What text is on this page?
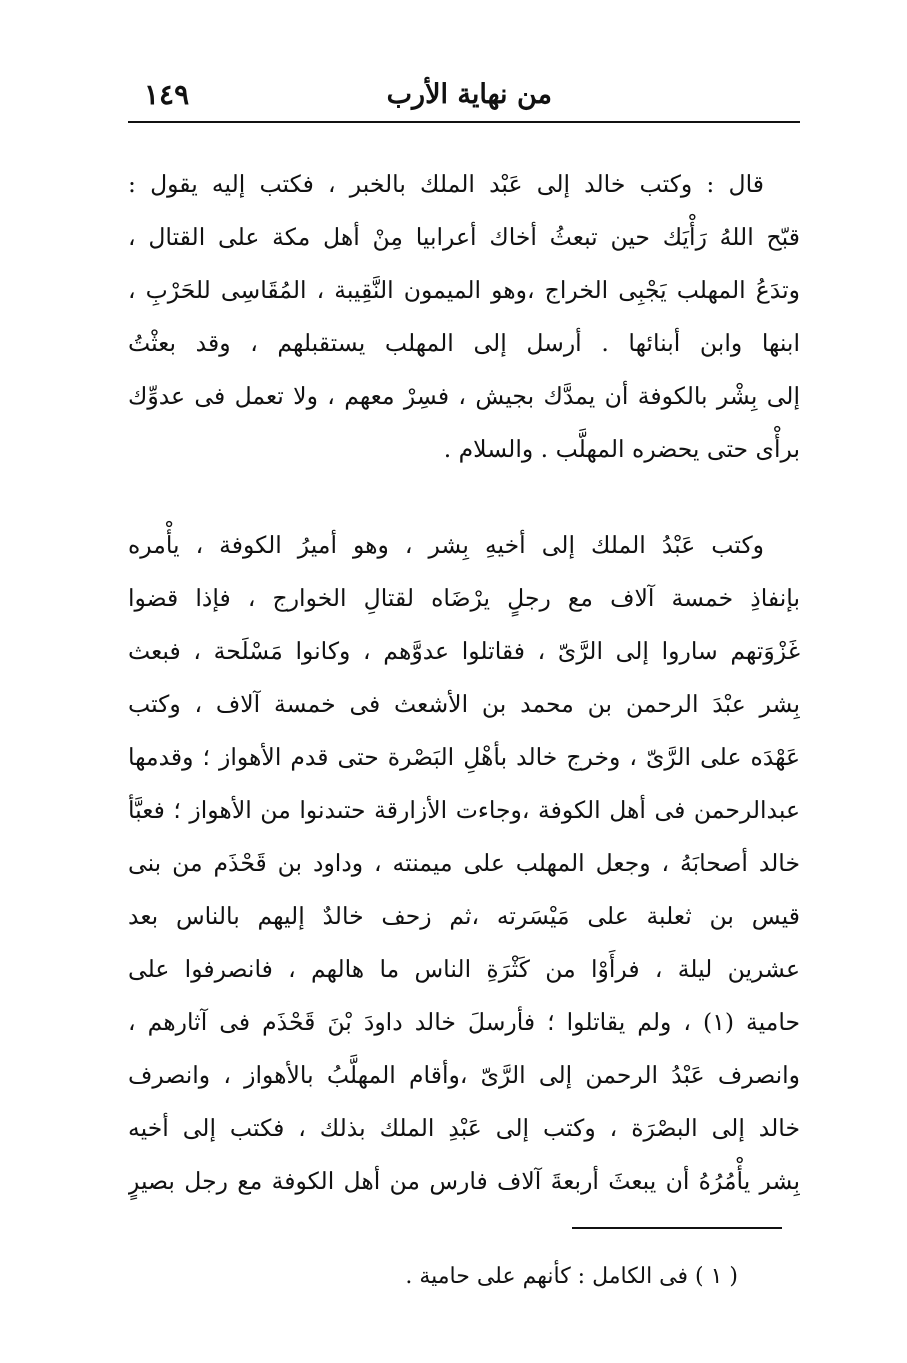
من نهاية الأرب
١٤٩
قال : وكتب خالد إلى عَبْد الملك بالخبر ، فكتب إليه يقول :
قبّح اللهُ رَأْيَك حين تبعثُ أخاك أعرابيا مِنْ أهل مكة على القتال ،
وتدَعُ المهلب يَجْبِى الخراج ،وهو الميمون النَّقِيبة ، المُقَاسِى للحَرْبِ ،
ابنها وابن أبنائها . أرسل إلى المهلب يستقبلهم ، وقد بعثْتُ
إلى بِشْر بالكوفة أن يمدَّك بجيش ، فسِرْ معهم ، ولا تعمل فى عدوِّك
برأْى حتى يحضره المهلَّب . والسلام .
وكتب عَبْدُ الملك إلى أخيهِ بِشر ، وهو أميرُ الكوفة ، يأْمره
بإنفاذِ خمسة آلاف مع رجلٍ يرْضَاه لقتالِ الخوارج ، فإذا قضوا
غَزْوَتهم ساروا إلى الرَّىّ ، فقاتلوا عدوَّهم ، وكانوا مَسْلَحة ، فبعث
بِشر عبْدَ الرحمن بن محمد بن الأشعث فى خمسة آلاف ، وكتب
عَهْدَه على الرَّىّ ، وخرج خالد بأهْلِ البَصْرة حتى قدم الأهواز ؛ وقدمها
عبدالرحمن فى أهل الكوفة ،وجاءت الأزارقة حتىدنوا من الأهواز ؛ فعبَّأ
خالد أصحابَهُ ، وجعل المهلب على ميمنته ، وداود بن قَحْذَم من بنى
قيس بن ثعلبة على مَيْسَرته ،ثم زحف خالدٌ إليهم بالناس بعد
عشرين ليلة ، فرأَوْا من كَثْرَةِ الناس ما هالهم ، فانصرفوا على
حامية (١) ، ولم يقاتلوا ؛ فأرسلَ خالد داودَ بْنَ قَحْذَم فى آثارهم ،
وانصرف عَبْدُ الرحمن إلى الرَّىّ ،وأقام المهلَّبُ بالأهواز ، وانصرف
خالد إلى البصْرَة ، وكتب إلى عَبْدِ الملك بذلك ، فكتب إلى أخيه
بِشر يأْمُرُهُ أن يبعثَ أربعةَ آلاف فارس من أهل الكوفة مع رجل بصيرٍ
( ١ ) فى الكامل : كأنهم على حامية .
